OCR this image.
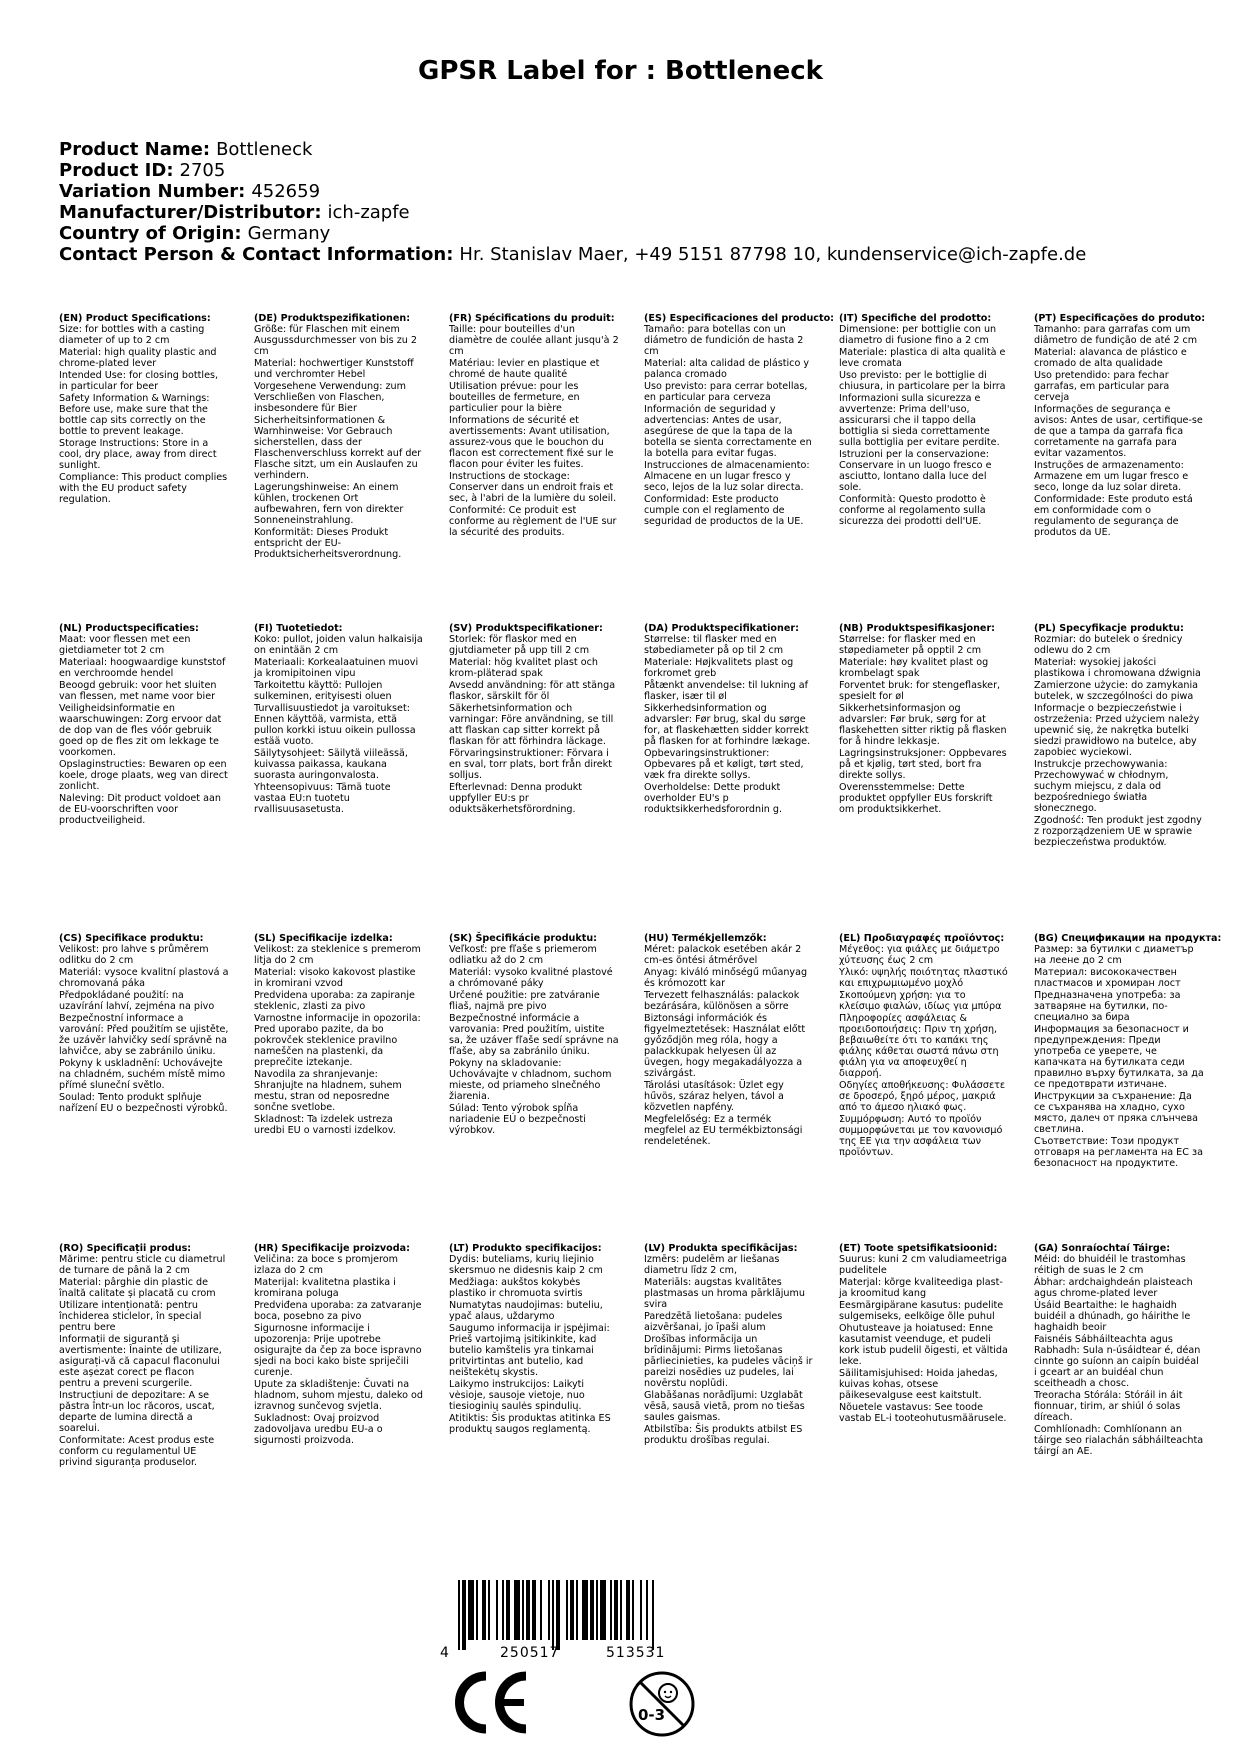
GPSR Label for : Bottleneck
Product Name: Bottleneck
Product ID: 2705
Variation Number: 452659
Manufacturer/Distributor: ich-zapfe
Country of Origin: Germany
Contact Person & Contact Information: Hr. Stanislav Maer, +49 5151 87798 10, kundenservice@ich-zapfe.de
(EN) Product Specifications:
Size: for bottles with a casting diameter of up to 2 cm
Material: high quality plastic and chrome-plated lever
Intended Use: for closing bottles, in particular for beer
Safety Information & Warnings: Before use, make sure that the bottle cap sits correctly on the bottle to prevent leakage.
Storage Instructions: Store in a cool, dry place, away from direct sunlight.
Compliance: This product complies with the EU product safety regulation.
(DE) Produktspezifikationen:
Größe: für Flaschen mit einem Ausgussdurchmesser von bis zu 2 cm
Material: hochwertiger Kunststoff und verchromter Hebel
Vorgesehene Verwendung: zum Verschließen von Flaschen, insbesondere für Bier
Sicherheitsinformationen & Warnhinweise: Vor Gebrauch sicherstellen, dass der Flaschenverschluss korrekt auf der Flasche sitzt, um ein Auslaufen zu verhindern.
Lagerungshinweise: An einem kühlen, trockenen Ort aufbewahren, fern von direkter Sonneneinstrahlung.
Konformität: Dieses Produkt entspricht der EU-Produktsicherheitsverordnung.
(FR) Spécifications du produit:
Taille: pour bouteilles d'un diamètre de coulée allant jusqu'à 2 cm
Matériau: levier en plastique et chromé de haute qualité
Utilisation prévue: pour les bouteilles de fermeture, en particulier pour la bière
Informations de sécurité et avertissements: Avant utilisation, assurez-vous que le bouchon du flacon est correctement fixé sur le flacon pour éviter les fuites.
Instructions de stockage: Conserver dans un endroit frais et sec, à l'abri de la lumière du soleil.
Conformité: Ce produit est conforme au règlement de l'UE sur la sécurité des produits.
(ES) Especificaciones del producto:
Tamaño: para botellas con un diámetro de fundición de hasta 2 cm
Material: alta calidad de plástico y palanca cromado
Uso previsto: para cerrar botellas, en particular para cerveza
Información de seguridad y advertencias: Antes de usar, asegúrese de que la tapa de la botella se sienta correctamente en la botella para evitar fugas.
Instrucciones de almacenamiento: Almacene en un lugar fresco y seco, lejos de la luz solar directa.
Conformidad: Este producto cumple con el reglamento de seguridad de productos de la UE.
(IT) Specifiche del prodotto:
Dimensione: per bottiglie con un diametro di fusione fino a 2 cm
Materiale: plastica di alta qualità e leve cromata
Uso previsto: per le bottiglie di chiusura, in particolare per la birra
Informazioni sulla sicurezza e avvertenze: Prima dell'uso, assicurarsi che il tappo della bottiglia si sieda correttamente sulla bottiglia per evitare perdite.
Istruzioni per la conservazione: Conservare in un luogo fresco e asciutto, lontano dalla luce del sole.
Conformità: Questo prodotto è conforme al regolamento sulla sicurezza dei prodotti dell'UE.
(PT) Especificações do produto:
Tamanho: para garrafas com um diâmetro de fundição de até 2 cm
Material: alavanca de plástico e cromado de alta qualidade
Uso pretendido: para fechar garrafas, em particular para cerveja
Informações de segurança e avisos: Antes de usar, certifique-se de que a tampa da garrafa fica corretamente na garrafa para evitar vazamentos.
Instruções de armazenamento: Armazene em um lugar fresco e seco, longe da luz solar direta.
Conformidade: Este produto está em conformidade com o regulamento de segurança de produtos da UE.
(NL) Productspecificaties:
Maat: voor flessen met een gietdiameter tot 2 cm
Materiaal: hoogwaardige kunststof en verchroomde hendel
Beoogd gebruik: voor het sluiten van flessen, met name voor bier
Veiligheidsinformatie en waarschuwingen: Zorg ervoor dat de dop van de fles vóór gebruik goed op de fles zit om lekkage te voorkomen.
Opslaginstructies: Bewaren op een koele, droge plaats, weg van direct zonlicht.
Naleving: Dit product voldoet aan de EU-voorschriften voor productveiligheid.
(FI) Tuotetiedot:
Koko: pullot, joiden valun halkaisija on enintään 2 cm
Materiaali: Korkealaatuinen muovi ja kromipitoinen vipu
Tarkoitettu käyttö: Pullojen sulkeminen, erityisesti oluen
Turvallisuustiedot ja varoitukset: Ennen käyttöä, varmista, että pullon korkki istuu oikein pullossa estää vuoto.
Säilytysohjeet: Säilytä viileässä, kuivassa paikassa, kaukana suorasta auringonvalosta.
Yhteensopivuus: Tämä tuote vastaa EU:n tuotetu rvallisuusasetusta.
(SV) Produktspecifikationer:
Storlek: för flaskor med en gjutdiameter på upp till 2 cm
Material: hög kvalitet plast och krom-pläterad spak
Avsedd användning: för att stänga flaskor, särskilt för öl
Säkerhetsinformation och varningar: Före användning, se till att flaskan cap sitter korrekt på flaskan för att förhindra läckage.
Förvaringsinstruktioner: Förvara i en sval, torr plats, bort från direkt solljus.
Efterlevnad: Denna produkt uppfyller EU:s pr oduktsäkerhetsförordning.
(DA) Produktspecifikationer:
Størrelse: til flasker med en støbediameter på op til 2 cm
Materiale: Højkvalitets plast og forkromet greb
Påtænkt anvendelse: til lukning af flasker, især til øl
Sikkerhedsinformation og advarsler: Før brug, skal du sørge for, at flaskehætten sidder korrekt på flasken for at forhindre lækage.
Opbevaringsinstruktioner: Opbevares på et køligt, tørt sted, væk fra direkte sollys.
Overholdelse: Dette produkt overholder EU's p roduktsikkerhedsforordnin g.
(NB) Produktspesifikasjoner:
Størrelse: for flasker med en støpediameter på opptil 2 cm
Materiale: høy kvalitet plast og krombelagt spak
Forventet bruk: for stengeflasker, spesielt for øl
Sikkerhetsinformasjon og advarsler: Før bruk, sørg for at flaskehetten sitter riktig på flasken for å hindre lekkasje.
Lagringsinstruksjoner: Oppbevares på et kjølig, tørt sted, bort fra direkte sollys.
Overensstemmelse: Dette produktet oppfyller EUs forskrift om produktsikkerhet.
(PL) Specyfikacje produktu:
Rozmiar: do butelek o średnicy odlewu do 2 cm
Materiał: wysokiej jakości plastikowa i chromowana dźwignia
Zamierzone użycie: do zamykania butelek, w szczególności do piwa
Informacje o bezpieczeństwie i ostrzeżenia: Przed użyciem należy upewnić się, że nakrętka butelki siedzi prawidłowo na butelce, aby zapobiec wyciekowi.
Instrukcje przechowywania: Przechowywać w chłodnym, suchym miejscu, z dala od bezpośredniego światła słonecznego.
Zgodność: Ten produkt jest zgodny z rozporządzeniem UE w sprawie bezpieczeństwa produktów.
(CS) Specifikace produktu:
Velikost: pro lahve s průměrem odlitku do 2 cm
Materiál: vysoce kvalitní plastová a chromovaná páka
Předpokládané použití: na uzavírání lahví, zejména na pivo
Bezpečnostní informace a varování: Před použitím se ujistěte, že uzávěr lahvičky sedí správně na lahvičce, aby se zabránilo úniku.
Pokyny k uskladnění: Uchovávejte na chladném, suchém místě mimo přímé sluneční světlo.
Soulad: Tento produkt splňuje nařízení EU o bezpečnosti výrobků.
(SL) Specifikacije izdelka:
Velikost: za steklenice s premerom litja do 2 cm
Material: visoko kakovost plastike in kromirani vzvod
Predvidena uporaba: za zapiranje steklenic, zlasti za pivo
Varnostne informacije in opozorila: Pred uporabo pazite, da bo pokrovček steklenice pravilno nameščen na plastenki, da preprečite iztekanje.
Navodila za shranjevanje: Shranjujte na hladnem, suhem mestu, stran od neposredne sončne svetlobe.
Skladnost: Ta izdelek ustreza uredbi EU o varnosti izdelkov.
(SK) Špecifikácie produktu:
Veľkosť: pre fľaše s priemerom odliatku až do 2 cm
Materiál: vysoko kvalitné plastové a chrómované páky
Určené použitie: pre zatváranie fliaš, najmä pre pivo
Bezpečnostné informácie a varovania: Pred použitím, uistite sa, že uzáver fľaše sedí správne na fľaše, aby sa zabránilo úniku.
Pokyny na skladovanie: Uchovávajte v chladnom, suchom mieste, od priameho slnečného žiarenia.
Súlad: Tento výrobok spĺňa nariadenie EÚ o bezpečnosti výrobkov.
(HU) Termékjellemzők:
Méret: palackok esetében akár 2 cm-es öntési átmérővel
Anyag: kiváló minőségű műanyag és krómozott kar
Tervezett felhasználás: palackok bezárására, különösen a sörre
Biztonsági információk és figyelmeztetések: Használat előtt győződjön meg róla, hogy a palackkupak helyesen ül az üvegen, hogy megakadályozza a szivárgást.
Tárolási utasítások: Üzlet egy hűvös, száraz helyen, távol a közvetlen napfény.
Megfelelőség: Ez a termék megfelel az EU termékbiztonsági rendeletének.
(EL) Προδιαγραφές προϊόντος:
Μέγεθος: για φιάλες με διάμετρο χύτευσης έως 2 cm
Υλικό: υψηλής ποιότητας πλαστικό και επιχρωμιωμένο μοχλό
Σκοπούμενη χρήση: για το κλείσιμο φιαλών, ιδίως για μπύρα
Πληροφορίες ασφάλειας & προειδοποιήσεις: Πριν τη χρήση, βεβαιωθείτε ότι το καπάκι της φιάλης κάθεται σωστά πάνω στη φιάλη για να αποφευχθεί η διαρροή.
Οδηγίες αποθήκευσης: Φυλάσσετε σε δροσερό, ξηρό μέρος, μακριά από το άμεσο ηλιακό φως.
Συμμόρφωση: Αυτό το προϊόν συμμορφώνεται με τον κανονισμό της ΕΕ για την ασφάλεια των προϊόντων.
(BG) Спецификации на продукта:
Размер: за бутилки с диаметър на леене до 2 cm
Материал: висококачествен пластмасов и хромиран лост
Предназначена употреба: за затваряне на бутилки, по-специално за бира
Информация за безопасност и предупреждения: Преди употреба се уверете, че капачката на бутилката седи правилно върху бутилката, за да се предотврати изтичане.
Инструкции за съхранение: Да се съхранява на хладно, сухо място, далеч от пряка слънчева светлина.
Съответствие: Този продукт отговаря на регламента на ЕС за безопасност на продуктите.
(RO) Specificații produs:
Mărime: pentru sticle cu diametrul de turnare de până la 2 cm
Material: pârghie din plastic de înaltă calitate și placată cu crom
Utilizare intenționată: pentru închiderea sticlelor, în special pentru bere
Informații de siguranță și avertismente: Înainte de utilizare, asigurați-vă că capacul flaconului este așezat corect pe flacon pentru a preveni scurgerile.
Instrucțiuni de depozitare: A se păstra într-un loc răcoros, uscat, departe de lumina directă a soarelui.
Conformitate: Acest produs este conform cu regulamentul UE privind siguranța produselor.
(HR) Specifikacije proizvoda:
Veličina: za boce s promjerom izlaza do 2 cm
Materijal: kvalitetna plastika i kromirana poluga
Predviđena uporaba: za zatvaranje boca, posebno za pivo
Sigurnosne informacije i upozorenja: Prije upotrebe osigurajte da čep za boce ispravno sjedi na boci kako biste spriječili curenje.
Upute za skladištenje: Čuvati na hladnom, suhom mjestu, daleko od izravnog sunčevog svjetla.
Sukladnost: Ovaj proizvod zadovoljava uredbu EU-a o sigurnosti proizvoda.
(LT) Produkto specifikacijos:
Dydis: buteliams, kurių liejinio skersmuo ne didesnis kaip 2 cm
Medžiaga: aukštos kokybės plastiko ir chromuota svirtis
Numatytas naudojimas: buteliu, ypač alaus, uždarymo
Saugumo informacija ir įspėjimai: Prieš vartojimą įsitikinkite, kad butelio kamštelis yra tinkamai pritvirtintas ant butelio, kad neištekėtų skystis.
Laikymo instrukcijos: Laikyti vėsioje, sausoje vietoje, nuo tiesioginių saulės spindulių.
Atitiktis: Šis produktas atitinka ES produktų saugos reglamentą.
(LV) Produkta specifikācijas:
Izmērs: pudelēm ar liešanas diametru līdz 2 cm,
Materiāls: augstas kvalitātes plastmasas un hroma pārklājumu svira
Paredzētā lietošana: pudeles aizvēršanai, jo īpaši alum
Drošības informācija un brīdinājumi: Pirms lietošanas pārliecinieties, ka pudeles vāciņš ir pareizi nosēdies uz pudeles, lai novērstu noplūdi.
Glabāšanas norādījumi: Uzglabāt vēsā, sausā vietā, prom no tiešas saules gaismas.
Atbilstība: Šis produkts atbilst ES produktu drošības regulai.
(ET) Toote spetsifikatsioonid:
Suurus: kuni 2 cm valudiameetriga pudelitele
Materjal: kõrge kvaliteediga plast- ja kroomitud kang
Eesmärgipärane kasutus: pudelite sulgemiseks, eelkõige õlle puhul
Ohutusteave ja hoiatused: Enne kasutamist veenduge, et pudeli kork istub pudelil õigesti, et vältida leke.
Säilitamisjuhised: Hoida jahedas, kuivas kohas, otsese päikesevalguse eest kaitstult.
Nõuetele vastavus: See toode vastab EL-i tooteohutusmäärusele.
(GA) Sonraíochtaí Táirge:
Méid: do bhuidéil le trastomhas réitigh de suas le 2 cm
Ábhar: ardchaighdeán plaisteach agus chrome-plated lever
Úsáid Beartaithe: le haghaidh buidéil a dhúnadh, go háirithe le haghaidh beoir
Faisnéis Sábháilteachta agus Rabhadh: Sula n-úsáidtear é, déan cinnte go suíonn an caipín buidéal i gceart ar an buidéal chun sceitheadh a chosc.
Treoracha Stórála: Stóráil in áit fionnuar, tirim, ar shiúl ó solas díreach.
Comhlíonadh: Comhlíonann an táirge seo rialachán sábháilteachta táirgí an AE.
4	250517	513531
0-3
